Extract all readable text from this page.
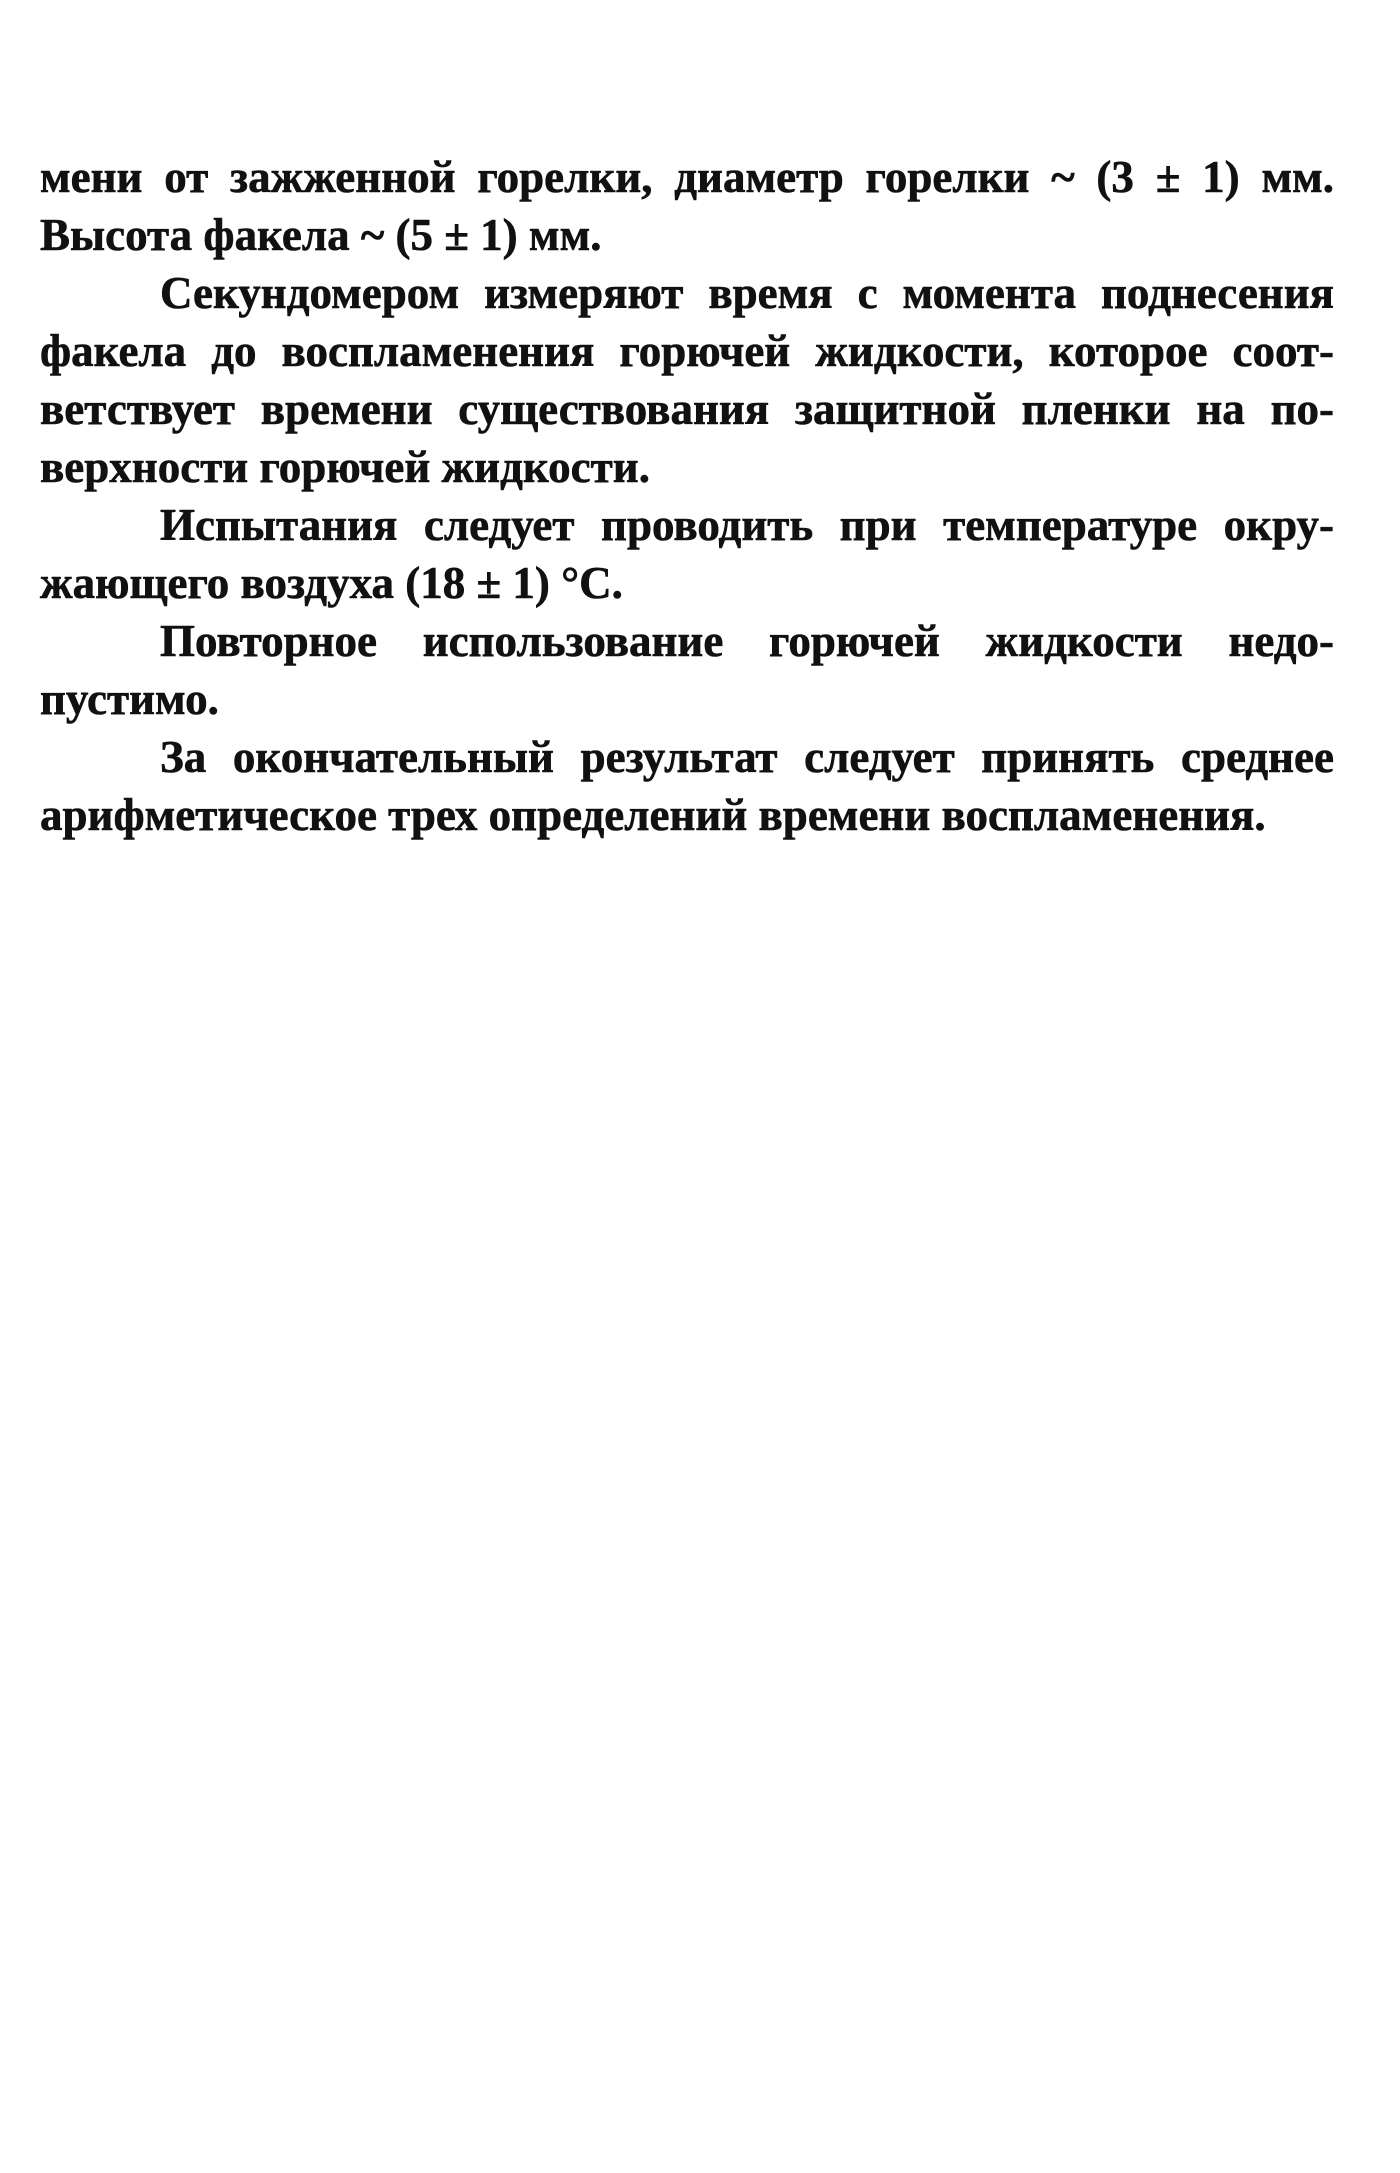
мени от зажженной горелки, диаметр горелки ~ (3 ± 1) мм.
Высота факела ~ (5 ± 1) мм.
Секундомером измеряют время с момента поднесения
факела до воспламенения горючей жидкости, которое соот-
ветствует времени существования защитной пленки на по-
верхности горючей жидкости.
Испытания следует проводить при температуре окру-
жающего воздуха (18 ± 1) °С.
Повторное использование горючей жидкости недо-
пустимо.
За окончательный результат следует принять среднее
арифметическое трех определений времени воспламенения.
